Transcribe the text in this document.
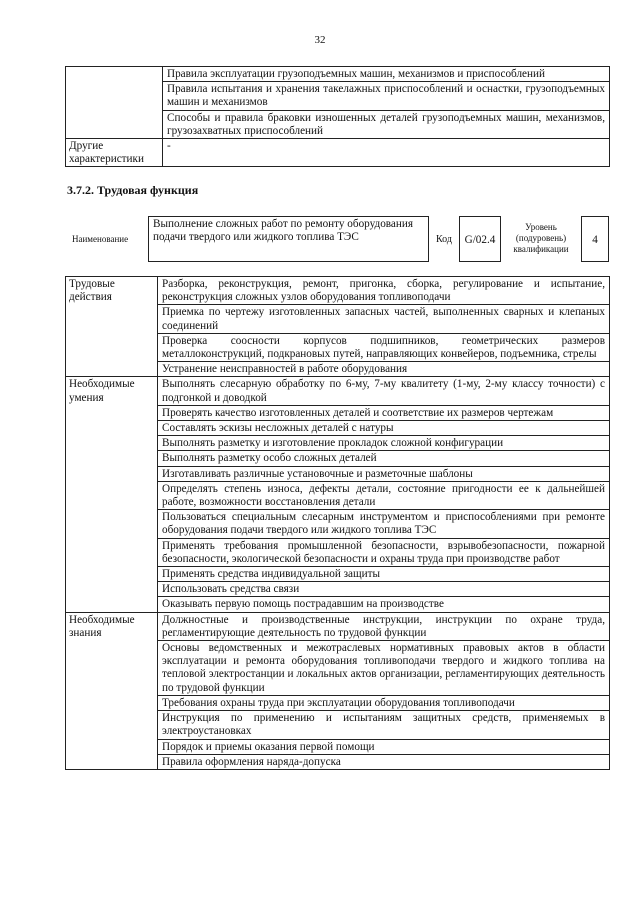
32
	Правила эксплуатации грузоподъемных машин, механизмов и приспособлений
	Правила испытания и хранения такелажных приспособлений и оснастки, грузоподъемных машин и механизмов
	Способы и правила браковки изношенных деталей грузоподъемных машин, механизмов, грузозахватных приспособлений
Другие характеристики	-
3.7.2. Трудовая функция
Наименование
Выполнение сложных работ по ремонту оборудования подачи твердого или жидкого топлива ТЭС	Код	G/02.4
Уровень (подуровень) квалификации
4
Трудовые действия	Разборка, реконструкция, ремонт, пригонка, сборка, регулирование и испытание, реконструкция сложных узлов оборудования топливоподачи
	Приемка по чертежу изготовленных запасных частей, выполненных сварных и клепаных соединений
	Проверка соосности корпусов подшипников, геометрических размеров металлоконструкций, подкрановых путей, направляющих конвейеров, подъемника, стрелы
	Устранение неисправностей в работе оборудования
Необходимые умения	Выполнять слесарную обработку по 6-му, 7-му квалитету (1-му, 2-му классу точности) с подгонкой и доводкой
	Проверять качество изготовленных деталей и соответствие их размеров чертежам
	Составлять эскизы несложных деталей с натуры
	Выполнять разметку и изготовление прокладок сложной конфигурации
	Выполнять разметку особо сложных деталей
	Изготавливать различные установочные и разметочные шаблоны
	Определять степень износа, дефекты детали, состояние пригодности ее к дальнейшей работе, возможности восстановления детали
	Пользоваться специальным слесарным инструментом и приспособлениями при ремонте оборудования подачи твердого или жидкого топлива ТЭС
	Применять требования промышленной безопасности, взрывобезопасности, пожарной безопасности, экологической безопасности и охраны труда при производстве работ
	Применять средства индивидуальной защиты
	Использовать средства связи
	Оказывать первую помощь пострадавшим на производстве
Необходимые знания	Должностные и производственные инструкции, инструкции по охране труда, регламентирующие деятельность по трудовой функции
	Основы ведомственных и межотраслевых нормативных правовых актов в области эксплуатации и ремонта оборудования топливоподачи твердого и жидкого топлива на тепловой электростанции и локальных актов организации, регламентирующих деятельность по трудовой функции
	Требования охраны труда при эксплуатации оборудования топливоподачи
	Инструкция по применению и испытаниям защитных средств, применяемых в электроустановках
	Порядок и приемы оказания первой помощи
	Правила оформления наряда-допуска
